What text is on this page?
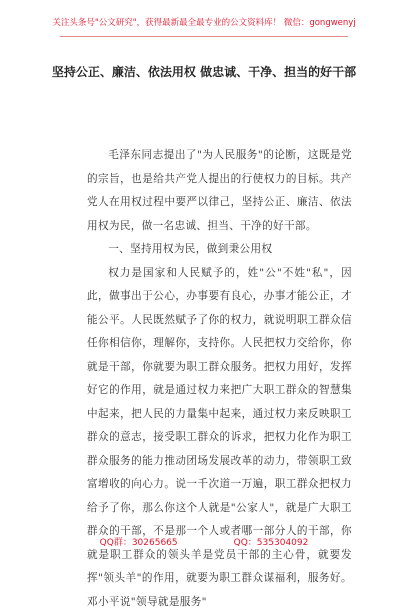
关注头条号"公文研究"，获得最新最全最专业的公文资料库！ 微信：gongwenyj
坚持公正、廉洁、依法用权 做忠诚、干净、担当的好干部

毛泽东同志提出了"为人民服务"的论断，这既是党的宗旨，也是给共产党人提出的行使权力的目标。共产党人在用权过程中要严以律己，坚持公正、廉洁、依法用权为民，做一名忠诚、担当、干净的好干部。

一、坚持用权为民，做到秉公用权

权力是国家和人民赋予的，姓"公"不姓"私"，因此，做事出于公心，办事要有良心，办事才能公正，才能公平。人民既然赋予了你的权力，就说明职工群众信任你相信你，理解你，支持你。人民把权力交给你，你就是干部，你就要为职工群众服务。把权力用好，发挥好它的作用，就是通过权力来把广大职工群众的智慧集中起来，把人民的力量集中起来，通过权力来反映职工群众的意志，接受职工群众的诉求，把权力化作为职工群众服务的能力推动团场发展改革的动力，带领职工致富增收的向心力。说一千次道一万遍，职工群众把权力给予了你，那么你这个人就是"公家人"，就是广大职工群众的干部，不是那一个人或者哪一部分人的干部，你就是职工群众的领头羊是党员干部的主心骨，就要发挥"领头羊"的作用，就要为职工群众谋福利，服务好。邓小平说"领导就是服务"

QQ群：30265665	QQ：535304092
